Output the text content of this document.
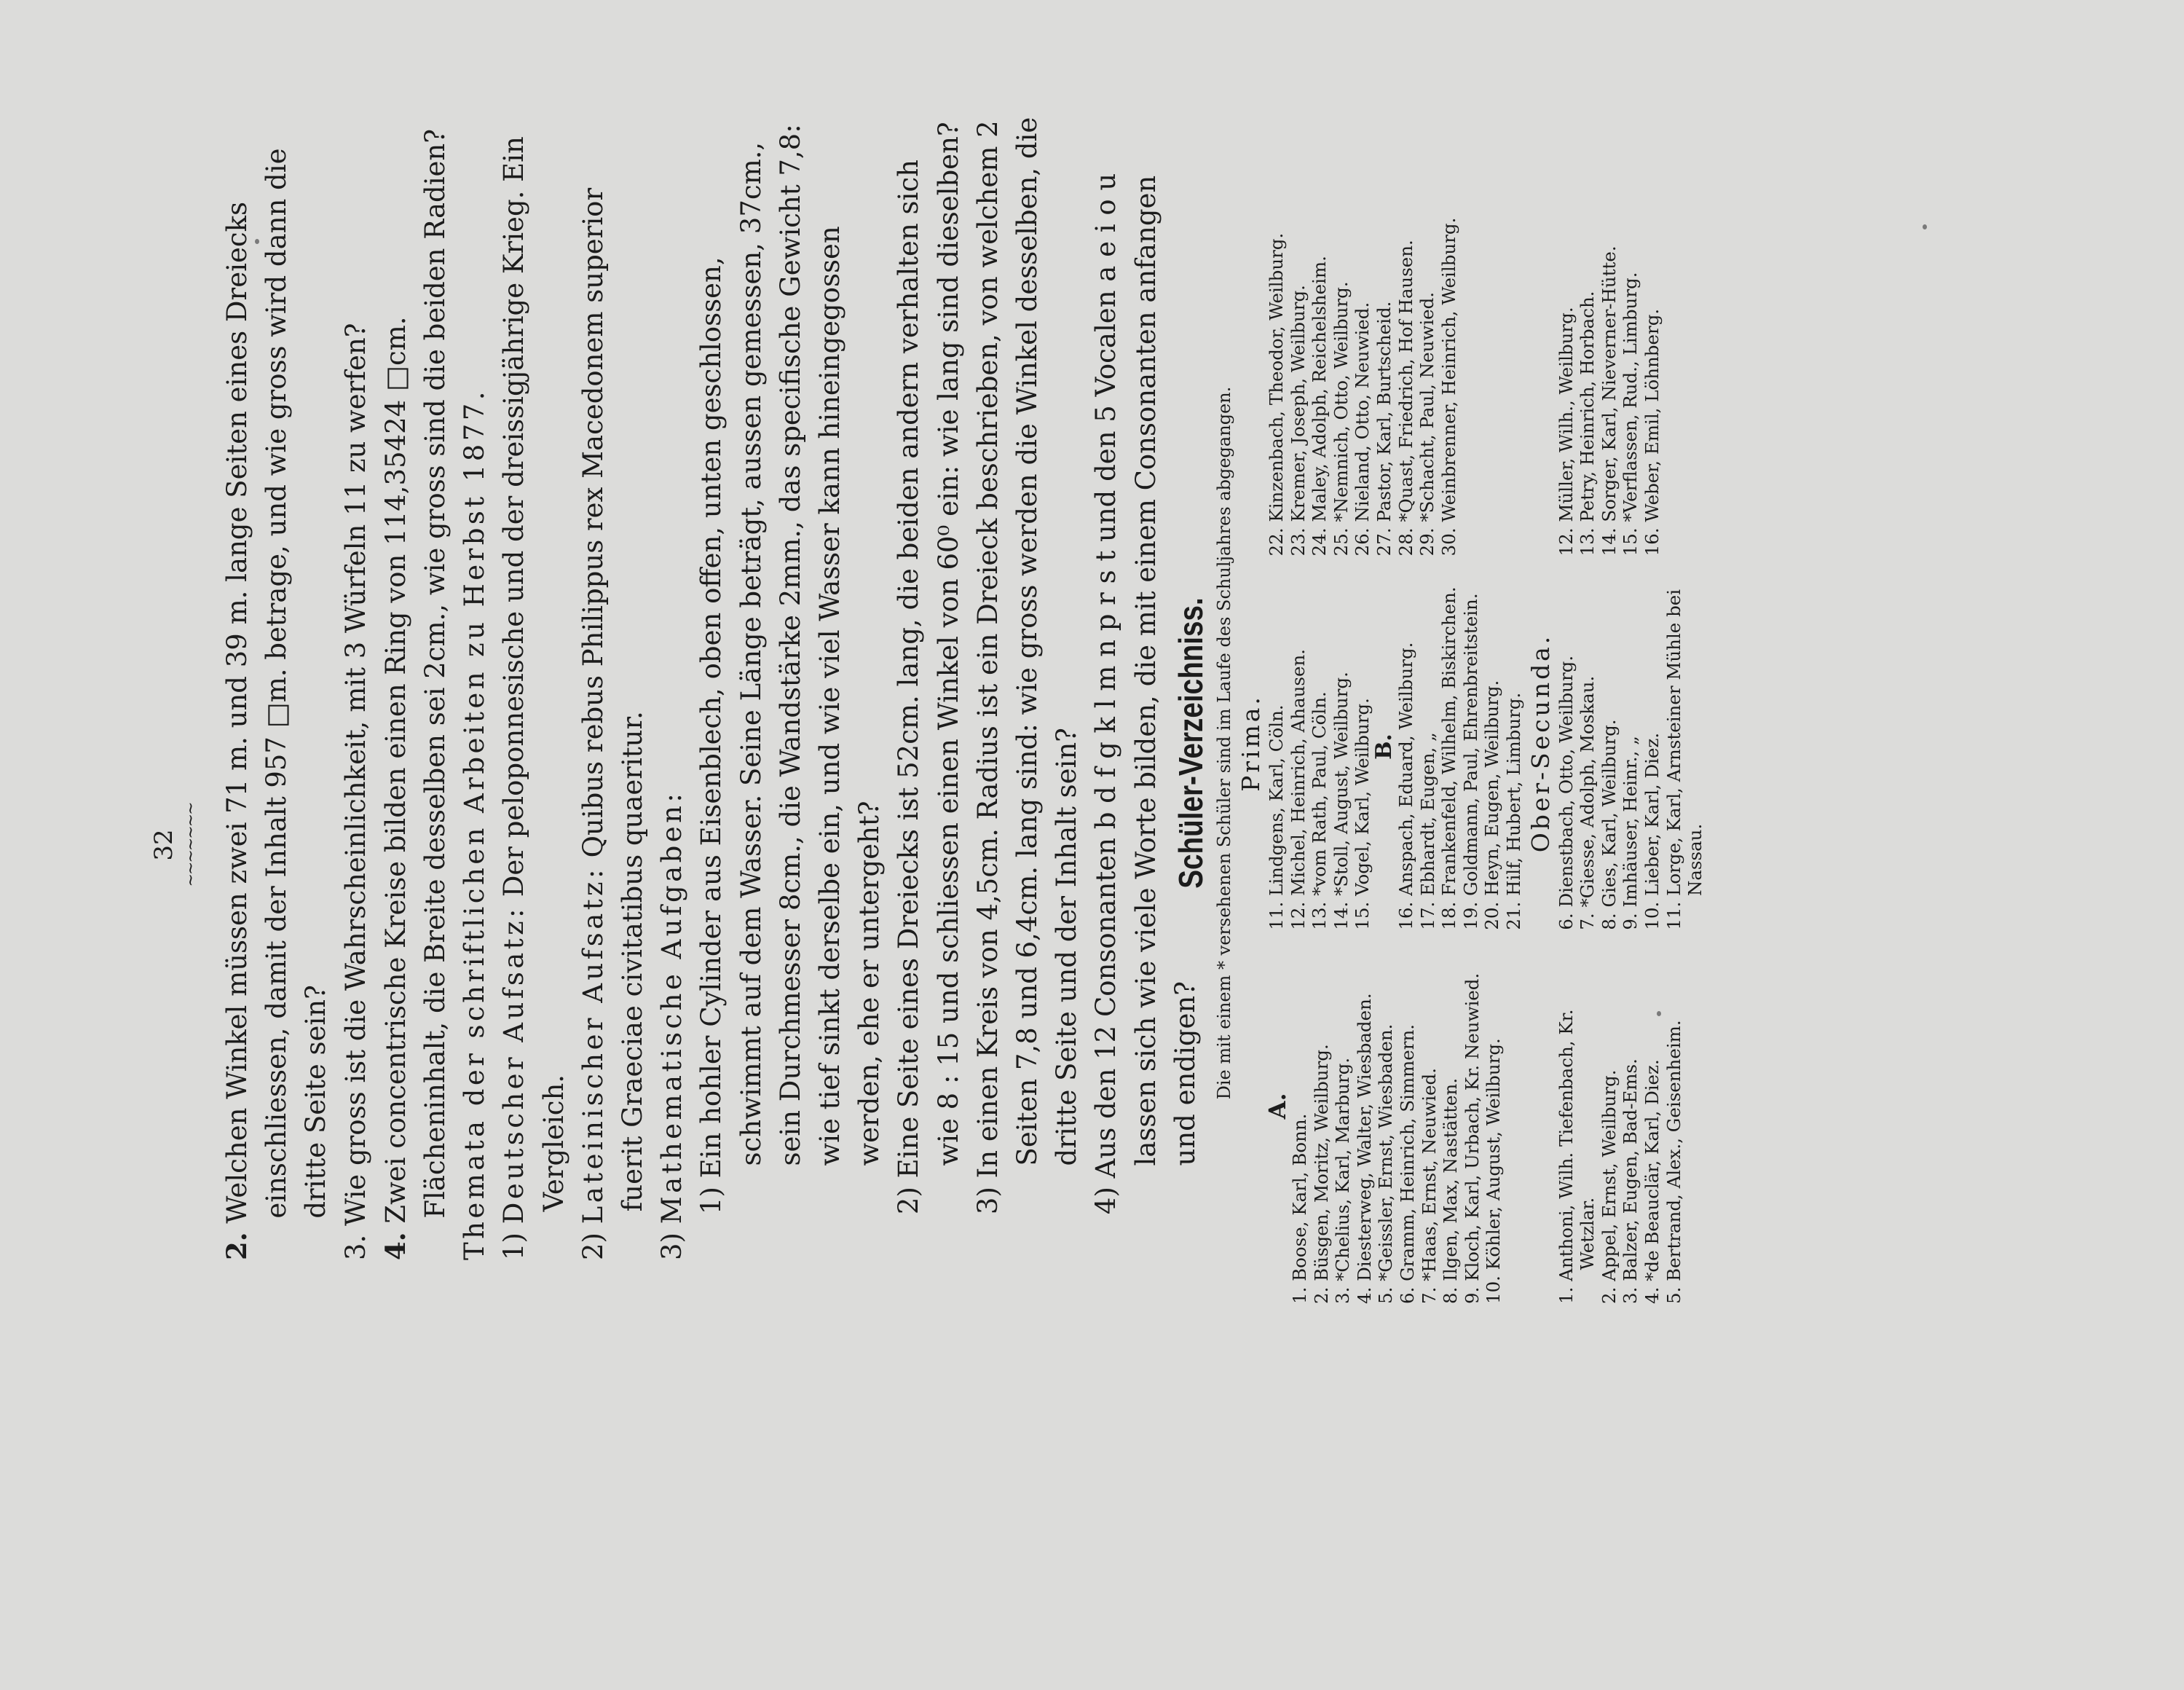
32 ~~~~~~~

2. Welchen Winkel müssen zwei 71 m. und 39 m. lange Seiten eines Dreiecks einschliessen, damit der Inhalt 957 □m. betrage, und wie gross wird dann die dritte Seite sein?

3. Wie gross ist die Wahrscheinlichkeit, mit 3 Würfeln 11 zu werfen?

4. Zwei concentrische Kreise bilden einen Ring von 114,35424 □cm. Flächeninhalt, die Breite desselben sei 2cm., wie gross sind die beiden Radien? Themata der schriftlichen Arbeiten zu Herbst 1877. 1) Deutscher Aufsatz: Der peloponnesische und der dreissigjährige Krieg. Ein Vergleich.

2) Lateinischer Aufsatz: Quibus rebus Philippus rex Macedonem superior fuerit Graeciae civitatibus quaeritur.

3) Mathematische Aufgaben: 1) Ein hohler Cylinder aus Eisenblech, oben offen, unten geschlossen, schwimmt auf dem Wasser. Seine Länge beträgt, aussen gemessen, 37cm., sein Durchmesser 8cm., die Wandstärke 2mm., das specifische Gewicht 7,8: wie tief sinkt derselbe ein, und wie viel Wasser kann hineingegossen werden, ehe er untergeht?

2) Eine Seite eines Dreiecks ist 52cm. lang, die beiden andern verhalten sich wie 8 : 15 und schliessen einen Winkel von 60⁰ ein: wie lang sind dieselben?

3) In einen Kreis von 4,5cm. Radius ist ein Dreieck beschrieben, von welchem 2 Seiten 7,8 und 6,4cm. lang sind: wie gross werden die Winkel desselben, die dritte Seite und der Inhalt sein?

4) Aus den 12 Consonanten b d f g k l m n p r s t und den 5 Vocalen a e i o u lassen sich wie viele Worte bilden, die mit einem Consonanten anfangen und endigen?

Schüler-Verzeichniss. Die mit einem * versehenen Schüler sind im Laufe des Schuljahres abgegangen. Prima.

A.

1. Boose, Karl, Bonn. 2. Büsgen, Moritz, Weilburg. 3. *Chelius, Karl, Marburg. 4. Diesterweg, Walter, Wiesbaden. 5. *Geissler, Ernst, Wiesbaden. 6. Gramm, Heinrich, Simmern. 7. *Haas, Ernst, Neuwied. 8. Ilgen, Max, Nastätten. 9. Kloch, Karl, Urbach, Kr. Neuwied. 10. Köhler, August, Weilburg.

11. Lindgens, Karl, Cöln. 12. Michel, Heinrich, Ahausen. 13. *vom Rath, Paul, Cöln. 14. *Stoll, August, Weilburg. 15. Vogel, Karl, Weilburg.

B.

16. Anspach, Eduard, Weilburg. 17. Ebhardt, Eugen, „ 18. Frankenfeld, Wilhelm, Biskirchen. 19. Goldmann, Paul, Ehrenbreitstein. 20. Heyn, Eugen, Weilburg. 21. Hilf, Hubert, Limburg.

22. Kinzenbach, Theodor, Weilburg. 23. Kremer, Joseph, Weilburg. 24. Maley, Adolph, Reichelsheim. 25. *Nemnich, Otto, Weilburg. 26. Nieland, Otto, Neuwied. 27. Pastor, Karl, Burtscheid. 28. *Quast, Friedrich, Hof Hausen. 29. *Schacht, Paul, Neuwied. 30. Weinbrenner, Heinrich, Weilburg.

Ober-Secunda.

1. Anthoni, Wilh. Tiefenbach, Kr. Wetzlar. 2. Appel, Ernst, Weilburg. 3. Balzer, Eugen, Bad-Ems. 4. *de Beauclär, Karl, Diez. 5. Bertrand, Alex., Geisenheim.

6. Dienstbach, Otto, Weilburg. 7. *Giesse, Adolph, Moskau. 8. Gies, Karl, Weilburg. 9. Imhäuser, Heinr., „ 10. Lieber, Karl, Diez. 11. Lorge, Karl, Arnsteiner Mühle bei Nassau.

12. Müller, Wilh., Weilburg. 13. Petry, Heinrich, Horbach. 14. Sorger, Karl, Nieverner-Hütte. 15. *Verflassen, Rud., Limburg. 16. Weber, Emil, Löhnberg.
